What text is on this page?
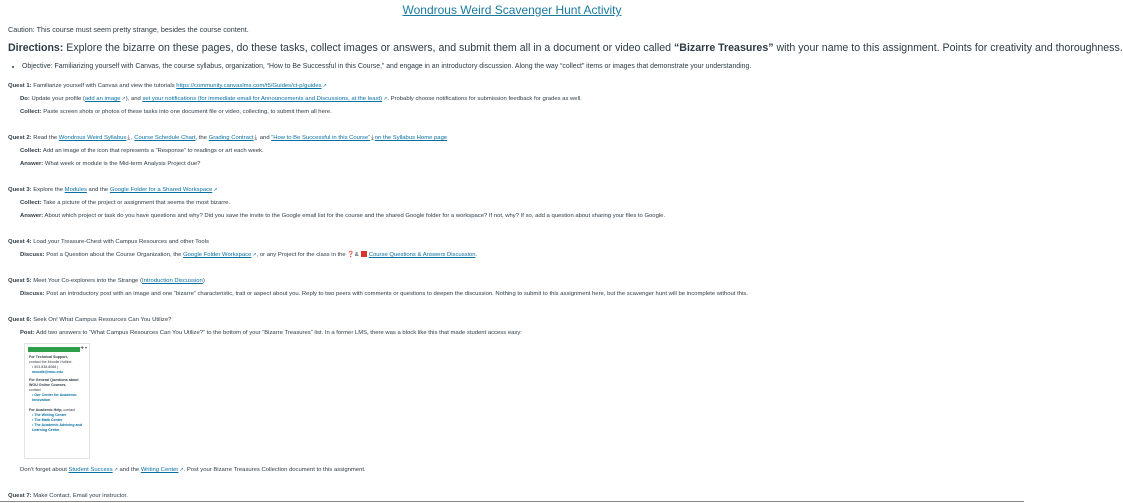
Wondrous Weird Scavenger Hunt Activity
Caution: This course must seem pretty strange, besides the course content.
Directions: Explore the bizarre on these pages, do these tasks, collect images or answers, and submit them all in a document or video called “Bizarre Treasures” with your name to this assignment. Points for creativity and thoroughness.
• Objective: Familiarizing yourself with Canvas, the course syllabus, organization, “How to Be Successful in this Course,” and engage in an introductory discussion. Along the way “collect” items or images that demonstrate your understanding.
Quest 1: Familiarize yourself with Canvas and view the tutorials https://community.canvaslms.com/t5/Guides/ct-p/guides↗
Do: Update your profile (add an image↗), and set your notifications (for immediate email for Announcements and Discussions, at the least)↗. Probably choose notifications for submission feedback for grades as well.
Collect: Paste screen shots or photos of these tasks into one document file or video, collecting, to submit them all here.
Quest 2: Read the Wondrous Weird Syllabus⤓, Course Schedule Chart, the Grading Contract⤓ and “How to Be Successful in this Course”⤓on the Syllabus Home page
Collect: Add an image of the icon that represents a “Response” to readings or art each week.
Answer: What week or module is the Mid-term Analysis Project due?
Quest 3: Explore the Modules and the Google Folder for a Shared Workspace↗
Collect: Take a picture of the project or assignment that seems the most bizarre.
Answer: About which project or task do you have questions and why? Did you save the invite to the Google email list for the course and the shared Google folder for a workspace? If not, why? If so, add a question about sharing your files to Google.
Quest 4: Load your Treasure-Chest with Campus Resources and other Tools
Discuss: Post a Question about the Course Organization, the Google Folder Workspace↗, or any Project for the class in the ❓& Course Questions & Answers Discussion.
Quest 5: Meet Your Co-explorers into the Strange (Introduction Discussion)
Discuss: Post an introductory post with an image and one “bizarre” characteristic, trait or aspect about you. Reply to two peers with comments or questions to deepen the discussion. Nothing to submit to this assignment here, but the scavenger hunt will be incomplete without this.
Quest 6: Seek On! What Campus Resources Can You Utilize?
Post: Add two answers to “What Campus Resources Can You Utilize?” to the bottom of your “Bizarre Treasures” list. In a former LMS, there was a block like this that made student access easy:
✚ ▾
For Technical Support,
contact the Moodle Hotline.
• 503.838.8088 |
moodle@wou.edu
For General Questions about WOU Online Courses,
contact
• Our Center for Academic Innovation
For Academic Help, contact
• The Writing Center
• The Math Center
• The Academic Advising and Learning Center
Don’t forget about Student Success↗ and the Writing Center↗. Post your Bizarre Treasures Collection document to this assignment.
Quest 7: Make Contact. Email your instructor.
